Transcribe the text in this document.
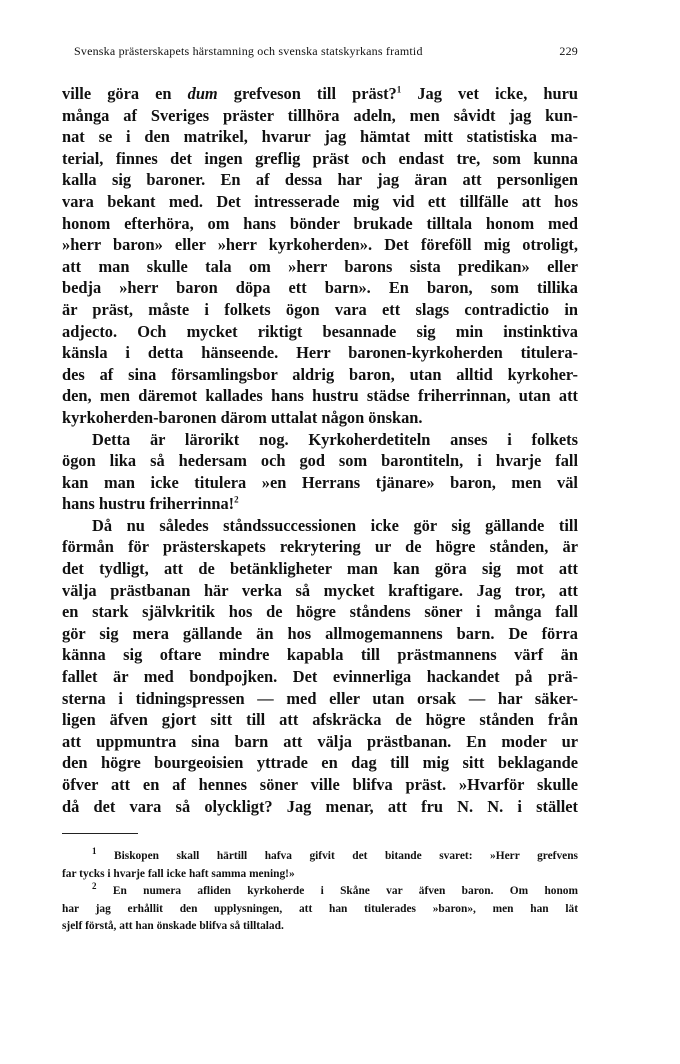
Svenska prästerskapets härstamning och svenska statskyrkans framtid	229
ville göra en dum grefveson till präst?$^1$ Jag vet icke, huru
många af Sveriges präster tillhöra adeln, men såvidt jag kun-
nat se i den matrikel, hvarur jag hämtat mitt statistiska ma-
terial, finnes det ingen greflig präst och endast tre, som kunna
kalla sig baroner. En af dessa har jag äran att personligen
vara bekant med. Det intresserade mig vid ett tillfälle att hos
honom efterhöra, om hans bönder brukade tilltala honom med
»herr baron» eller »herr kyrkoherden». Det föreföll mig otroligt,
att man skulle tala om »herr barons sista predikan» eller
bedja »herr baron döpa ett barn». En baron, som tillika
är präst, måste i folkets ögon vara ett slags contradictio in
adjecto. Och mycket riktigt besannade sig min instinktiva
känsla i detta hänseende. Herr baronen-kyrkoherden titulera-
des af sina församlingsbor aldrig baron, utan alltid kyrkoher-
den, men däremot kallades hans hustru städse friherrinnan, utan att
kyrkoherden-baronen därom uttalat någon önskan.
Detta är lärorikt nog. Kyrkoherdetiteln anses i folkets
ögon lika så hedersam och god som barontiteln, i hvarje fall
kan man icke titulera »en Herrans tjänare» baron, men väl
hans hustru friherrinna!$^2$
Då nu således ståndssuccessionen icke gör sig gällande till
förmån för prästerskapets rekrytering ur de högre stånden, är
det tydligt, att de betänkligheter man kan göra sig mot att
välja prästbanan här verka så mycket kraftigare. Jag tror, att
en stark självkritik hos de högre ståndens söner i många fall
gör sig mera gällande än hos allmogemannens barn. De förra
känna sig oftare mindre kapabla till prästmannens värf än
fallet är med bondpojken. Det evinnerliga hackandet på prä-
sterna i tidningspressen — med eller utan orsak — har säker-
ligen äfven gjort sitt till att afskräcka de högre stånden från
att uppmuntra sina barn att välja prästbanan. En moder ur
den högre bourgeoisien yttrade en dag till mig sitt beklagande
öfver att en af hennes söner ville blifva präst. »Hvarför skulle
då det vara så olyckligt? Jag menar, att fru N. N. i stället
$^1$ Biskopen skall härtill hafva gifvit det bitande svaret: »Herr grefvens
far tycks i hvarje fall icke haft samma mening!»
$^2$ En numera afliden kyrkoherde i Skåne var äfven baron. Om honom
har jag erhållit den upplysningen, att han titulerades »baron», men han lät
sjelf förstå, att han önskade blifva så tilltalad.
